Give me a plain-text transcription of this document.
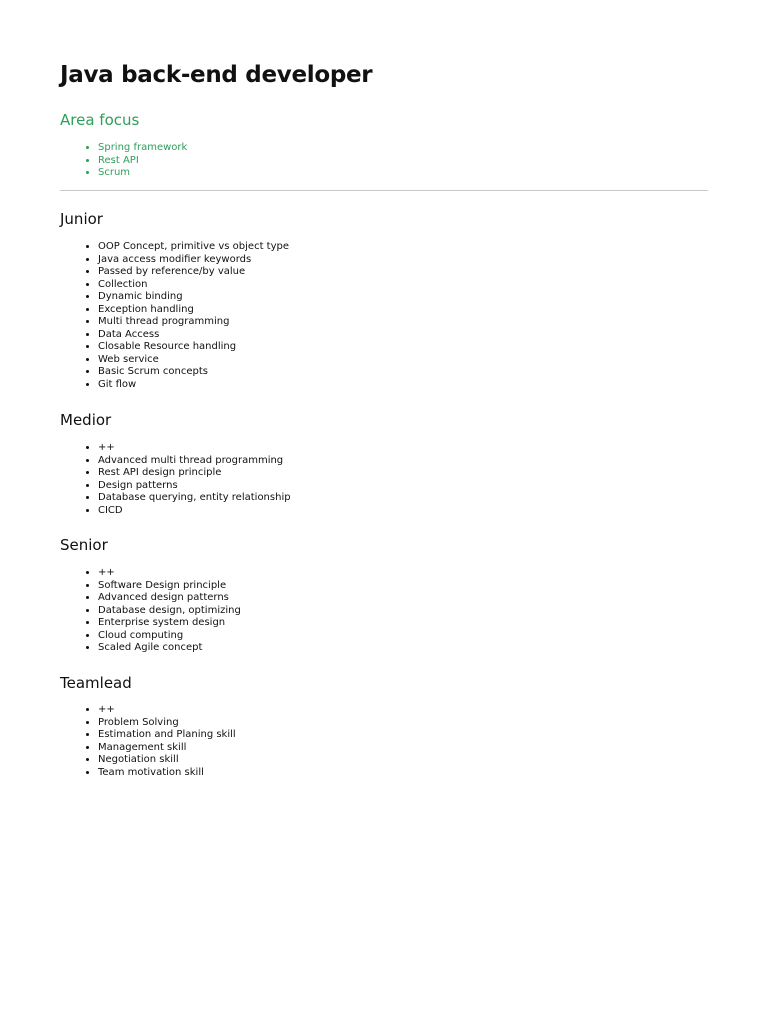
Java back-end developer
Area focus
• Spring framework
• Rest API
• Scrum
Junior
• OOP Concept, primitive vs object type
• Java access modifier keywords
• Passed by reference/by value
• Collection
• Dynamic binding
• Exception handling
• Multi thread programming
• Data Access
• Closable Resource handling
• Web service
• Basic Scrum concepts
• Git flow
Medior
• ++
• Advanced multi thread programming
• Rest API design principle
• Design patterns
• Database querying, entity relationship
• CICD
Senior
• ++
• Software Design principle
• Advanced design patterns
• Database design, optimizing
• Enterprise system design
• Cloud computing
• Scaled Agile concept
Teamlead
• ++
• Problem Solving
• Estimation and Planing skill
• Management skill
• Negotiation skill
• Team motivation skill
